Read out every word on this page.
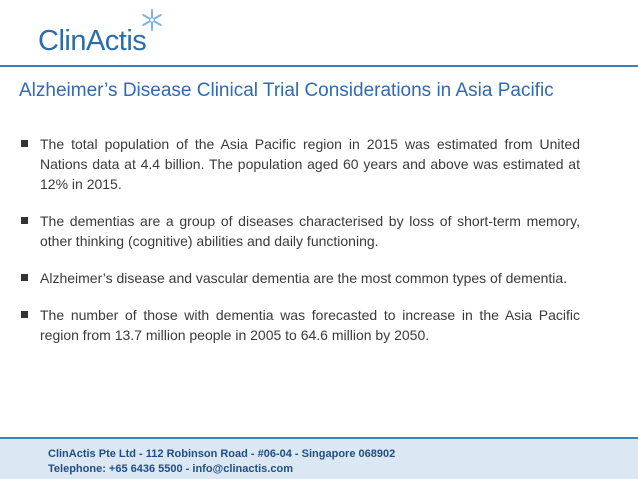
ClinActis
Alzheimer’s Disease Clinical Trial Considerations in Asia Pacific
The total population of the Asia Pacific region in 2015 was estimated from United Nations data at 4.4 billion. The population aged 60 years and above was estimated at 12% in 2015.
The dementias are a group of diseases characterised by loss of short-term memory, other thinking (cognitive) abilities and daily functioning.
Alzheimer’s disease and vascular dementia are the most common types of dementia.
The number of those with dementia was forecasted to increase in the Asia Pacific region from 13.7 million people in 2005 to 64.6 million by 2050.
ClinActis Pte Ltd - 112 Robinson Road - #06-04 - Singapore 068902
Telephone: +65 6436 5500 - info@clinactis.com
